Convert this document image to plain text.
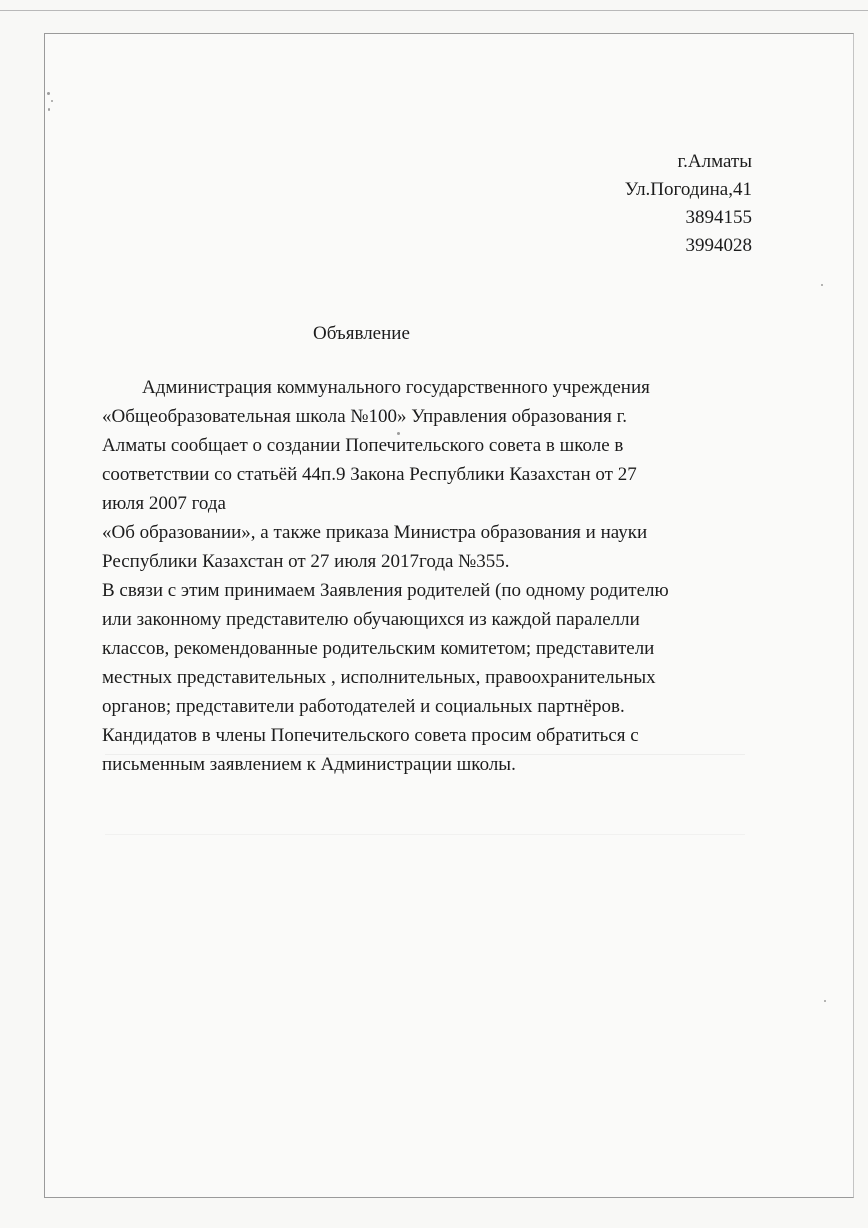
г.Алматы
Ул.Погодина,41
3894155
3994028
Объявление
Администрация коммунального государственного учреждения
«Общеобразовательная школа №100» Управления образования г.
Алматы сообщает о создании Попечительского совета в школе в
соответствии со статьёй 44п.9 Закона Республики Казахстан от 27
июля 2007 года
«Об образовании», а также приказа Министра образования и науки
Республики Казахстан от 27 июля 2017года №355.
В связи с этим принимаем Заявления родителей (по одному родителю
или законному представителю обучающихся из каждой паралелли
классов, рекомендованные родительским комитетом; представители
местных представительных , исполнительных, правоохранительных
органов; представители работодателей и социальных партнёров.
Кандидатов в члены Попечительского совета просим обратиться с
письменным заявлением к Администрации школы.
